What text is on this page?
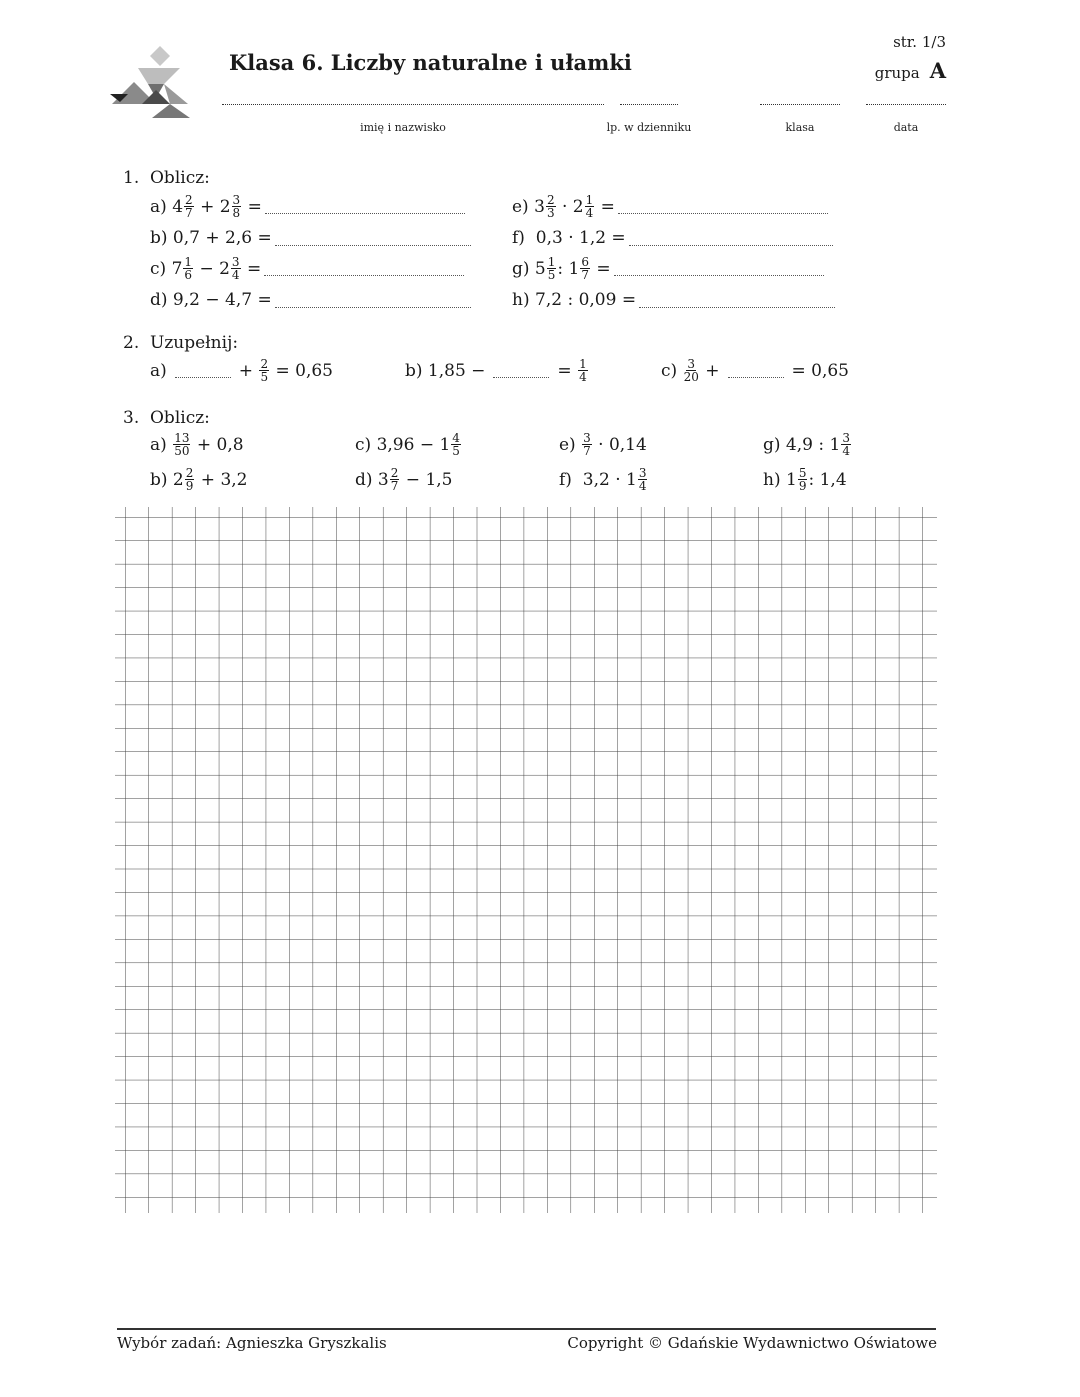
Klasa 6. Liczby naturalne i ułamki
str. 1/3
grupa A
imię i nazwisko	lp. w dzienniku	klasa	data
1. Oblicz:
a)
$4 \frac{2}{7}$
+ $2 \frac{3}{8}$
=
b)
0,7 + 2,6 =
c)
$7 \frac{1}{6}$
− $2 \frac{3}{4}$
=
d)
9,2 − 4,7 =
e)
$3 \frac{2}{3}$
· $2 \frac{1}{4}$
=
f)
0,3 · 1,2 =
g)
$5 \frac{1}{5}$ : $1 \frac{6}{7}$
=
h)
7,2 : 0,09 =
2. Uzupełnij:
a)	+
$\frac{2}{5}$
= 0,65	b)
1,85 −	=
$\frac{1}{4}$	c)
$\frac{3}{20}$
+	= 0,65
3. Oblicz:
a)
$\frac{13}{50}$
+ 0,8
b)
$2 \frac{2}{9}$
+ 3,2
c)
$3,96 - 1 \frac{4}{5}$
d)
$3 \frac{2}{7}$
− 1,5
e)
$\frac{3}{7}$
· 0,14
f)
$3,2 \cdot 1 \frac{3}{4}$
g)
4,9 : $1 \frac{3}{4}$
h)
$1 \frac{5}{9}$ : 1,4
Wybór zadań: Agnieszka Gryszkalis	Copyright © Gdańskie Wydawnictwo Oświatowe
